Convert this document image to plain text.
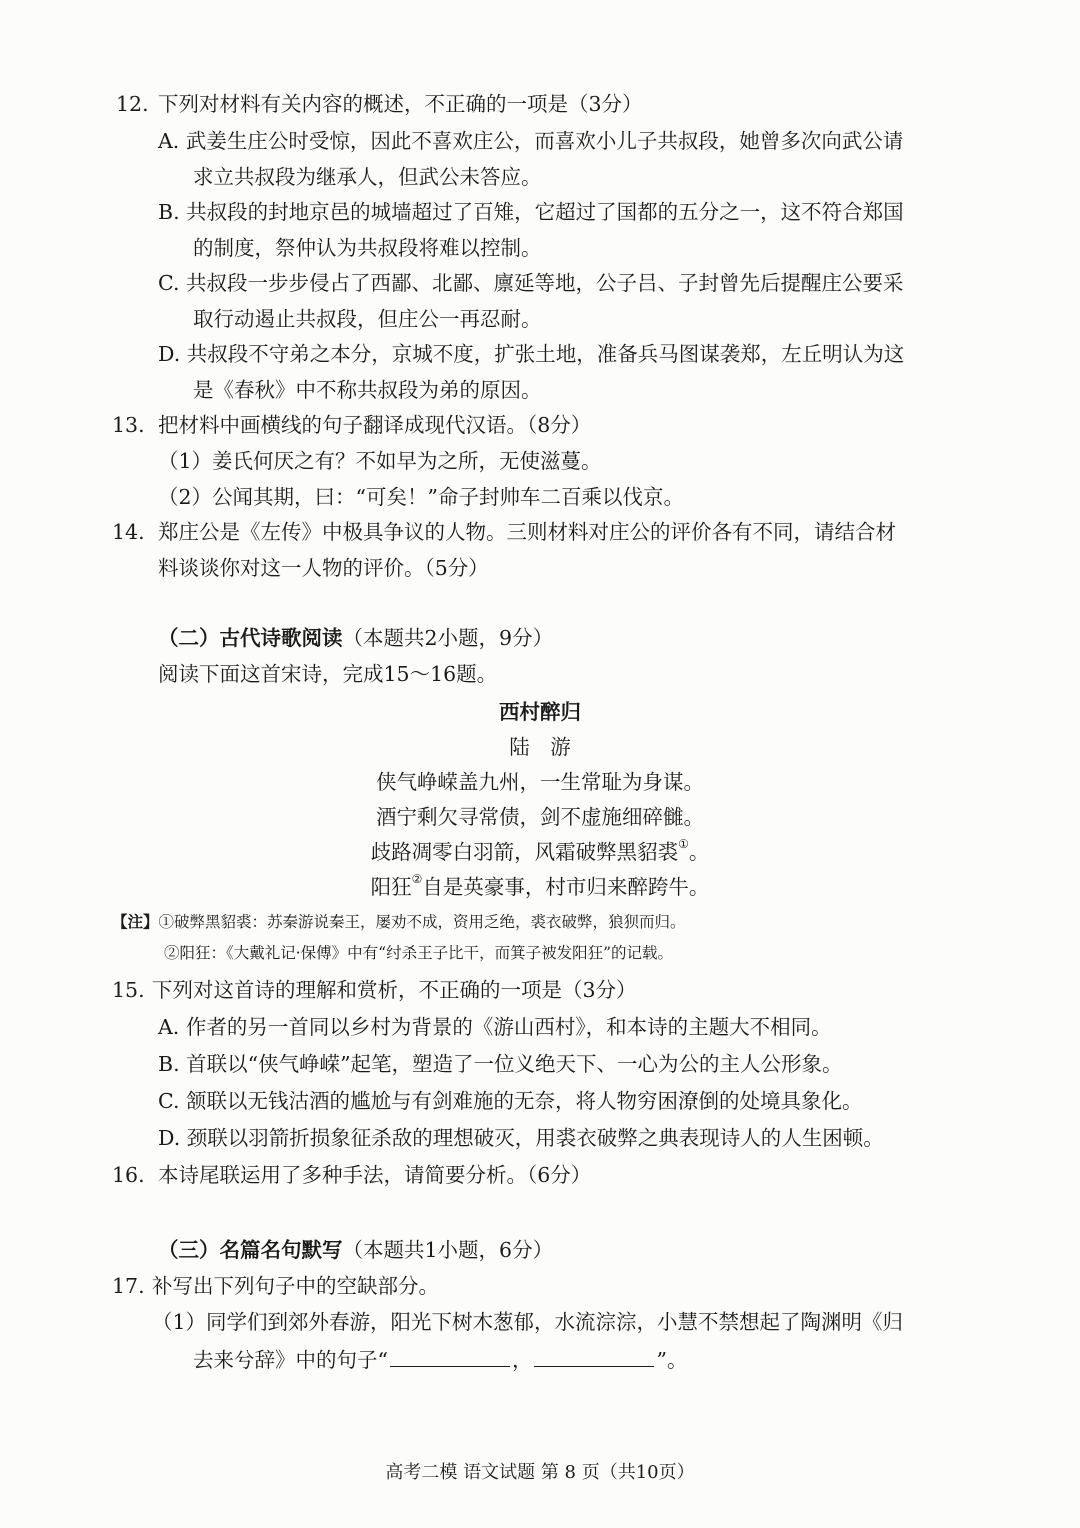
12. 下列对材料有关内容的概述，不正确的一项是（3分）
A. 武姜生庄公时受惊，因此不喜欢庄公，而喜欢小儿子共叔段，她曾多次向武公请
求立共叔段为继承人，但武公未答应。
B. 共叔段的封地京邑的城墙超过了百雉，它超过了国都的五分之一，这不符合郑国
的制度，祭仲认为共叔段将难以控制。
C. 共叔段一步步侵占了西鄙、北鄙、廪延等地，公子吕、子封曾先后提醒庄公要采
取行动遏止共叔段，但庄公一再忍耐。
D. 共叔段不守弟之本分，京城不度，扩张土地，准备兵马图谋袭郑，左丘明认为这
是《春秋》中不称共叔段为弟的原因。
13. 把材料中画横线的句子翻译成现代汉语。（8分）
（1）姜氏何厌之有？不如早为之所，无使滋蔓。
（2）公闻其期，曰：“可矣！”命子封帅车二百乘以伐京。
14. 郑庄公是《左传》中极具争议的人物。三则材料对庄公的评价各有不同，请结合材
料谈谈你对这一人物的评价。（5分）
（二）古代诗歌阅读（本题共2小题，9分）
阅读下面这首宋诗，完成15～16题。
西村醉归
陆　游
侠气峥嵘盖九州，一生常耻为身谋。
酒宁剩欠寻常债，剑不虚施细碎雠。
歧路凋零白羽箭，风霜破弊黑貂裘①。
阳狂②自是英豪事，村市归来醉跨牛。
【注】①破弊黑貂裘：苏秦游说秦王，屡劝不成，资用乏绝，裘衣破弊，狼狈而归。
②阳狂：《大戴礼记·保傅》中有“纣杀王子比干，而箕子被发阳狂”的记载。
15. 下列对这首诗的理解和赏析，不正确的一项是（3分）
A. 作者的另一首同以乡村为背景的《游山西村》，和本诗的主题大不相同。
B. 首联以“侠气峥嵘”起笔，塑造了一位义绝天下、一心为公的主人公形象。
C. 颔联以无钱沽酒的尴尬与有剑难施的无奈，将人物穷困潦倒的处境具象化。
D. 颈联以羽箭折损象征杀敌的理想破灭，用裘衣破弊之典表现诗人的人生困顿。
16. 本诗尾联运用了多种手法，请简要分析。（6分）
（三）名篇名句默写（本题共1小题，6分）
17. 补写出下列句子中的空缺部分。
（1）同学们到郊外春游，阳光下树木葱郁，水流淙淙，小慧不禁想起了陶渊明《归
去来兮辞》中的句子“	，	”。
高考二模 语文试题 第 8 页（共10页）
